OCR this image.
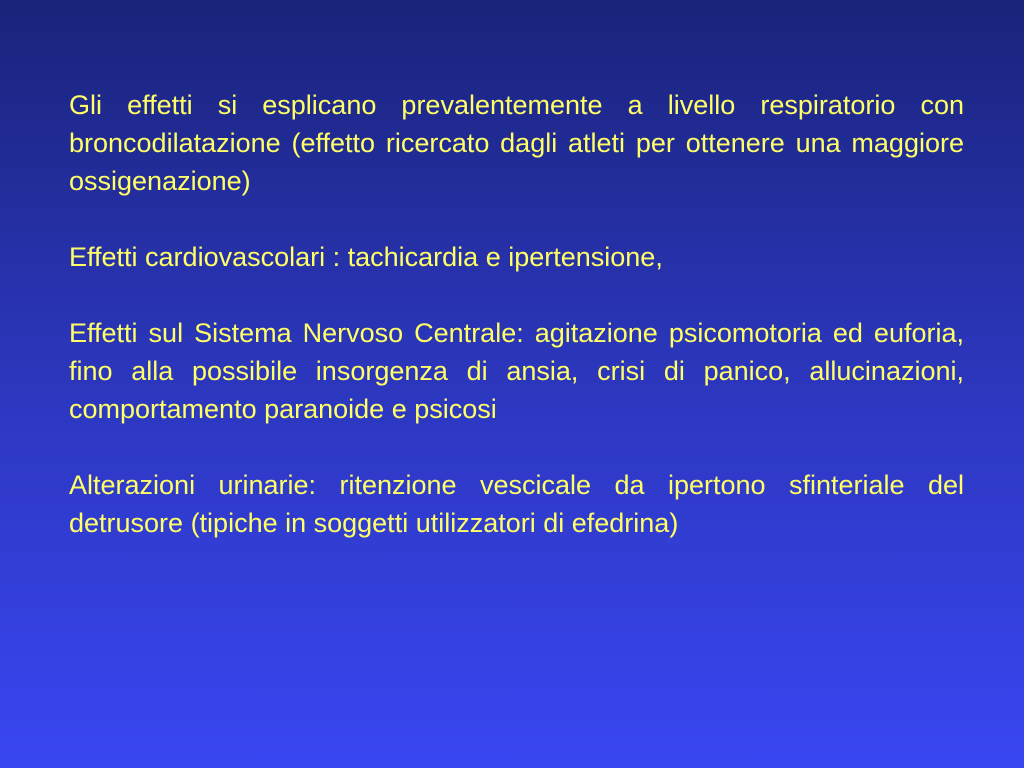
Gli effetti si esplicano prevalentemente a livello respiratorio con broncodilatazione (effetto ricercato dagli atleti per ottenere una maggiore ossigenazione)

Effetti cardiovascolari : tachicardia e ipertensione,

Effetti sul Sistema Nervoso Centrale: agitazione psicomotoria ed euforia, fino alla possibile insorgenza di ansia, crisi di panico, allucinazioni, comportamento paranoide e psicosi

Alterazioni urinarie: ritenzione vescicale da ipertono sfinteriale del detrusore (tipiche in soggetti utilizzatori di efedrina)
